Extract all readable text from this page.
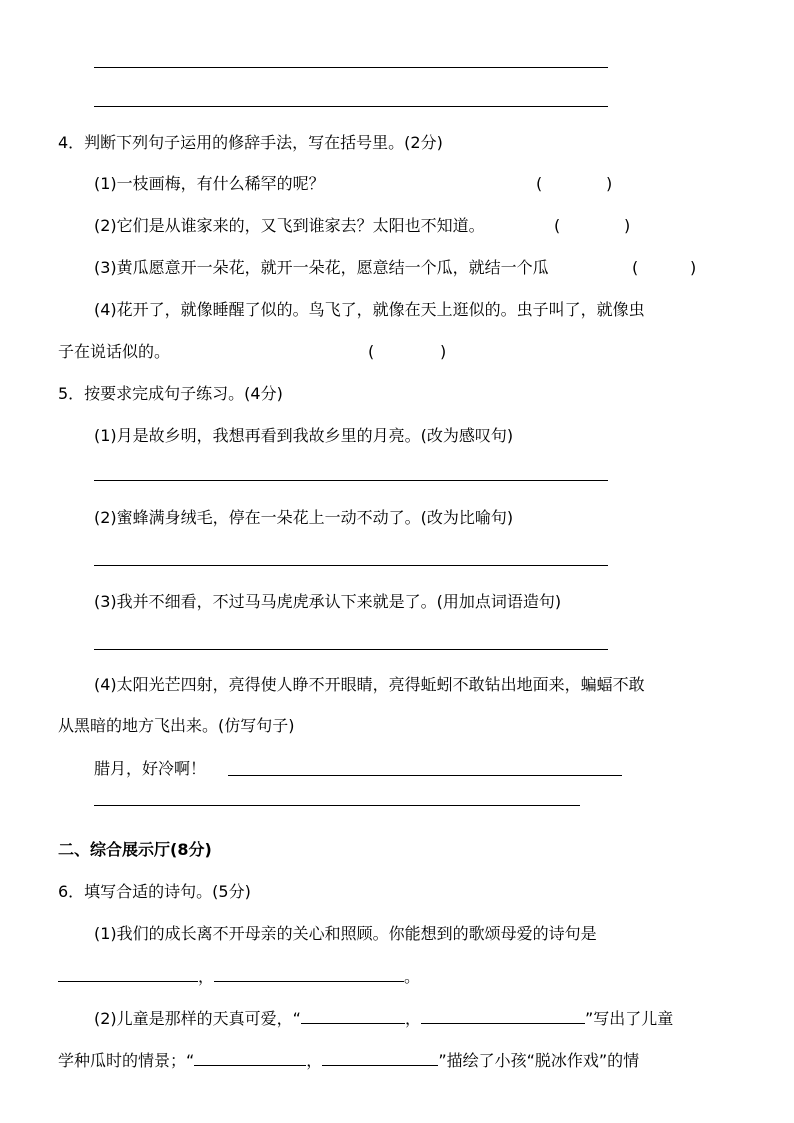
4．判断下列句子运用的修辞手法，写在括号里。(2分)
(1)一枝画梅，有什么稀罕的呢？	(	)
(2)它们是从谁家来的，又飞到谁家去？太阳也不知道。	(	)
(3)黄瓜愿意开一朵花，就开一朵花，愿意结一个瓜，就结一个瓜	(	)
(4)花开了，就像睡醒了似的。鸟飞了，就像在天上逛似的。虫子叫了，就像虫
子在说话似的。	(	)
5．按要求完成句子练习。(4分)
(1)月是故乡明，我想再看到我故乡里的月亮。(改为感叹句)
(2)蜜蜂满身绒毛，停在一朵花上一动不动了。(改为比喻句)
(3)我并不细看，不过马马虎虎承认下来就是了。(用加点词语造句)
(4)太阳光芒四射，亮得使人睁不开眼睛，亮得蚯蚓不敢钻出地面来，蝙蝠不敢
从黑暗的地方飞出来。(仿写句子)
腊月，好冷啊！
二、综合展示厅(8分)
6．填写合适的诗句。(5分)
(1)我们的成长离不开母亲的关心和照顾。你能想到的歌颂母爱的诗句是
，	。
(2)儿童是那样的天真可爱，“	，	”写出了儿童
学种瓜时的情景；“	，	”描绘了小孩“脱冰作戏”的情
